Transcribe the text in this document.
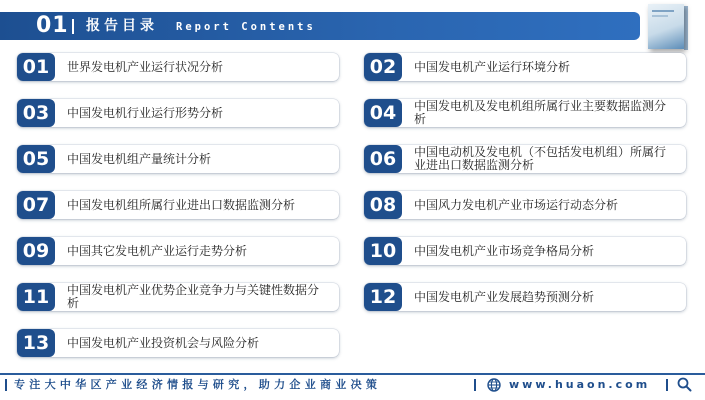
01 报告目录 Report Contents
01	世界发电机产业运行状况分析
03	中国发电机行业运行形势分析
05	中国发电机组产量统计分析
07	中国发电机组所属行业进出口数据监测分析
09	中国其它发电机产业运行走势分析
11	中国发电机产业优势企业竞争力与关键性数据分析
13	中国发电机产业投资机会与风险分析
02	中国发电机产业运行环境分析
04	中国发电机及发电机组所属行业主要数据监测分析
06	中国电动机及发电机（不包括发电机组）所属行业进出口数据监测分析
08	中国风力发电机产业市场运行动态分析
10	中国发电机产业市场竞争格局分析
12	中国发电机产业发展趋势预测分析
专注大中华区产业经济情报与研究，助力企业商业决策	www.huaon.com
